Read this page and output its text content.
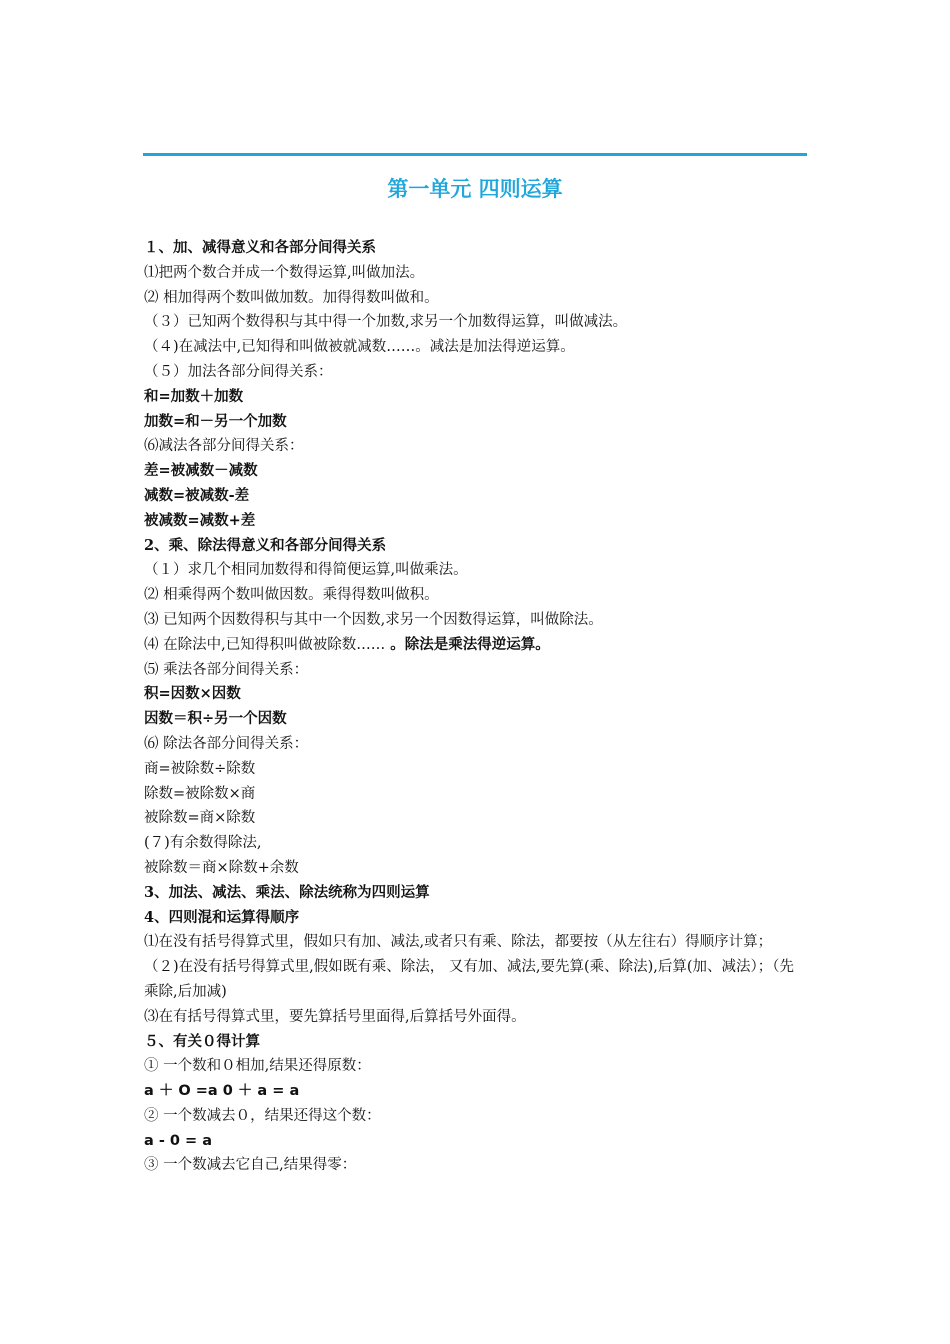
第一单元 四则运算
１、加、减得意义和各部分间得关系
⑴把两个数合并成一个数得运算,叫做加法。
⑵ 相加得两个数叫做加数。加得得数叫做和。
（３）已知两个数得积与其中得一个加数,求另一个加数得运算，叫做减法。
（４)在减法中,已知得和叫做被就减数……。减法是加法得逆运算。
（５）加法各部分间得关系：
和=加数＋加数
加数=和－另一个加数
⑹减法各部分间得关系：
差=被减数－减数
减数=被减数-差
被减数=减数+差
2、乘、除法得意义和各部分间得关系
（１）求几个相同加数得和得简便运算,叫做乘法。
⑵ 相乘得两个数叫做因数。乘得得数叫做积。
⑶ 已知两个因数得积与其中一个因数,求另一个因数得运算，叫做除法。
⑷ 在除法中,已知得积叫做被除数…… 。除法是乘法得逆运算。
⑸ 乘法各部分间得关系：
积=因数×因数
因数＝积÷另一个因数
⑹ 除法各部分间得关系：
商=被除数÷除数
除数=被除数×商
被除数=商×除数
(７)有余数得除法,
被除数＝商×除数+余数
3、加法、减法、乘法、除法统称为四则运算
4、四则混和运算得顺序
⑴在没有括号得算式里，假如只有加、减法,或者只有乘、除法，都要按（从左往右）得顺序计算；
（２)在没有括号得算式里,假如既有乘、除法， 又有加、减法,要先算(乘、除法),后算(加、减法）；（先乘除,后加减)
⑶在有括号得算式里，要先算括号里面得,后算括号外面得。
５、有关０得计算
① 一个数和０相加,结果还得原数：
a ＋ O =a 0 ＋ a = a
② 一个数减去０，结果还得这个数：
a - 0 = a
③ 一个数减去它自己,结果得零：
